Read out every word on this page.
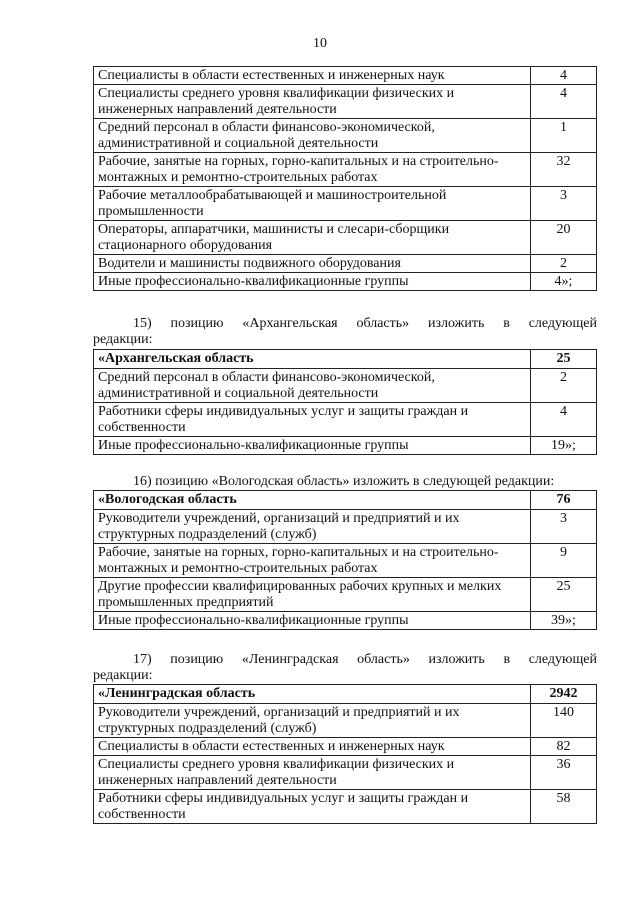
10
Специалисты в области естественных и инженерных наук	4
Специалисты среднего уровня квалификации физических и инженерных направлений деятельности	4
Средний персонал в области финансово-экономической, административной и социальной деятельности	1
Рабочие, занятые на горных, горно-капитальных и на строительно-монтажных и ремонтно-строительных работах	32
Рабочие металлообрабатывающей и машиностроительной промышленности	3
Операторы, аппаратчики, машинисты и слесари-сборщики стационарного оборудования	20
Водители и машинисты подвижного оборудования	2
Иные профессионально-квалификационные группы	4»;
15) позицию «Архангельская область» изложить в следующей
редакции:
«Архангельская область	25
Средний персонал в области финансово-экономической, административной и социальной деятельности	2
Работники сферы индивидуальных услуг и защиты граждан и собственности	4
Иные профессионально-квалификационные группы	19»;
16) позицию «Вологодская область» изложить в следующей редакции:
«Вологодская область	76
Руководители учреждений, организаций и предприятий и их структурных подразделений (служб)	3
Рабочие, занятые на горных, горно-капитальных и на строительно-монтажных и ремонтно-строительных работах	9
Другие профессии квалифицированных рабочих крупных и мелких промышленных предприятий	25
Иные профессионально-квалификационные группы	39»;
17) позицию «Ленинградская область» изложить в следующей
редакции:
«Ленинградская область	2942
Руководители учреждений, организаций и предприятий и их структурных подразделений (служб)	140
Специалисты в области естественных и инженерных наук	82
Специалисты среднего уровня квалификации физических и инженерных направлений деятельности	36
Работники сферы индивидуальных услуг и защиты граждан и собственности	58
